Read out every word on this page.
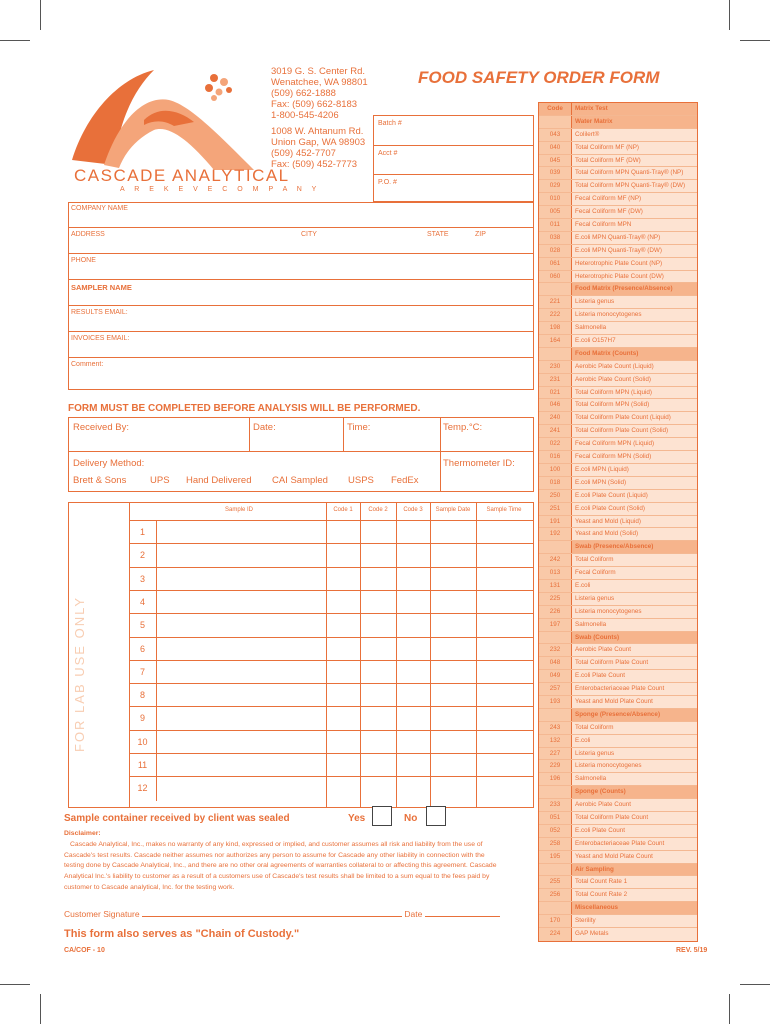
CASCADE ANALYTICAL
A R E K E V E C O M P A N Y
3019 G. S. Center Rd.
Wenatchee, WA 98801
(509) 662-1888
Fax: (509) 662-8183
1-800-545-4206
1008 W. Ahtanum Rd.
Union Gap, WA 98903
(509) 452-7707
Fax: (509) 452-7773
FOOD SAFETY ORDER FORM
Batch #
Acct #
P.O. #
COMPANY NAME
ADDRESS	CITY	STATE	ZIP
PHONE
SAMPLER NAME
RESULTS EMAIL:
INVOICES EMAIL:
Comment:
FORM MUST BE COMPLETED BEFORE ANALYSIS WILL BE PERFORMED.
Received By:	Date:	Time:	Temp.°C:
Delivery Method:	Thermometer ID:
Brett & Sons UPS Hand Delivered CAI Sampled USPS FedEx
Sample ID	Code 1	Code 2	Code 3	Sample Date	Sample Time
1
2
3
4
5
6
7
8
9
10
11
12
FOR LAB USE ONLY
Sample container received by client was sealed	Yes	No
Disclaimer:
Cascade Analytical, Inc., makes no warranty of any kind, expressed or implied, and customer assumes all risk and liability from the use of Cascade's test results. Cascade neither assumes nor authorizes any person to assume for Cascade any other liability in connection with the testing done by Cascade Analytical, Inc., and there are no other oral agreements of warranties collateral to or affecting this agreement. Cascade Analytical Inc.'s liability to customer as a result of a customers use of Cascade's test results shall be limited to a sum equal to the fees paid by customer to Cascade analytical, Inc. for the testing work.
Customer Signature	Date
This form also serves as "Chain of Custody."
CA/COF - 10	REV. 5/19
Code	Matrix Test
Water Matrix
043	Colilert®
040	Total Coliform MF (NP)
045	Total Coliform MF (DW)
039	Total Coliform MPN Quanti-Tray® (NP)
029	Total Coliform MPN Quanti-Tray® (DW)
010	Fecal Coliform MF (NP)
005	Fecal Coliform MF (DW)
011	Fecal Coliform MPN
038	E.coli MPN Quanti-Tray® (NP)
028	E.coli MPN Quanti-Tray® (DW)
061	Heterotrophic Plate Count (NP)
060	Heterotrophic Plate Count (DW)
Food Matrix (Presence/Absence)
221	Listeria genus
222	Listeria monocytogenes
198	Salmonella
164	E.coli O157H7
Food Matrix (Counts)
230	Aerobic Plate Count (Liquid)
231	Aerobic Plate Count (Solid)
021	Total Coliform MPN (Liquid)
046	Total Coliform MPN (Solid)
240	Total Coliform Plate Count (Liquid)
241	Total Coliform Plate Count (Solid)
022	Fecal Coliform MPN (Liquid)
016	Fecal Coliform MPN (Solid)
100	E.coli MPN (Liquid)
018	E.coli MPN (Solid)
250	E.coli Plate Count (Liquid)
251	E.coli Plate Count (Solid)
191	Yeast and Mold (Liquid)
192	Yeast and Mold (Solid)
Swab (Presence/Absence)
242	Total Coliform
013	Fecal Coliform
131	E.coli
225	Listeria genus
226	Listeria monocytogenes
197	Salmonella
Swab (Counts)
232	Aerobic Plate Count
048	Total Coliform Plate Count
049	E.coli Plate Count
257	Enterobacteriaceae Plate Count
193	Yeast and Mold Plate Count
Sponge (Presence/Absence)
243	Total Coliform
132	E.coli
227	Listeria genus
229	Listeria monocytogenes
196	Salmonella
Sponge (Counts)
233	Aerobic Plate Count
051	Total Coliform Plate Count
052	E.coli Plate Count
258	Enterobacteriaceae Plate Count
195	Yeast and Mold Plate Count
Air Sampling
255	Total Count Rate 1
256	Total Count Rate 2
Miscellaneous
170	Sterility
224	GAP Metals
